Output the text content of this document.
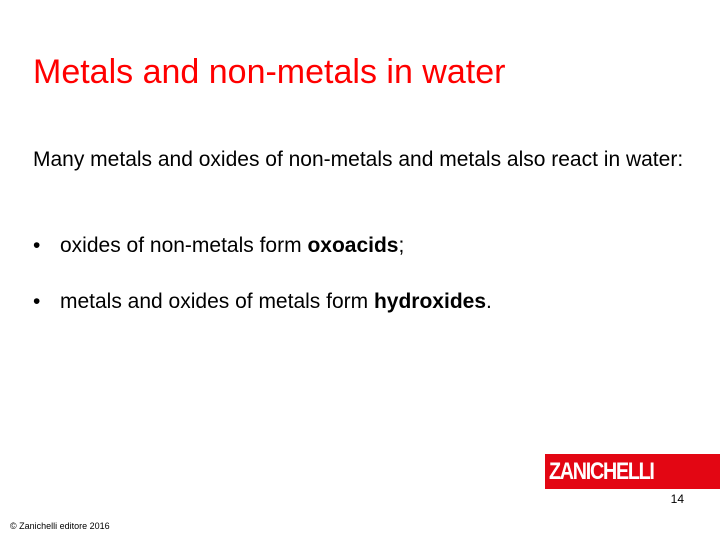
Metals and non-metals in water
Many metals and oxides of non-metals and metals also react in water:
• oxides of non-metals form oxoacids;
• metals and oxides of metals form hydroxides.
ZANICHELLI
14
© Zanichelli editore 2016
